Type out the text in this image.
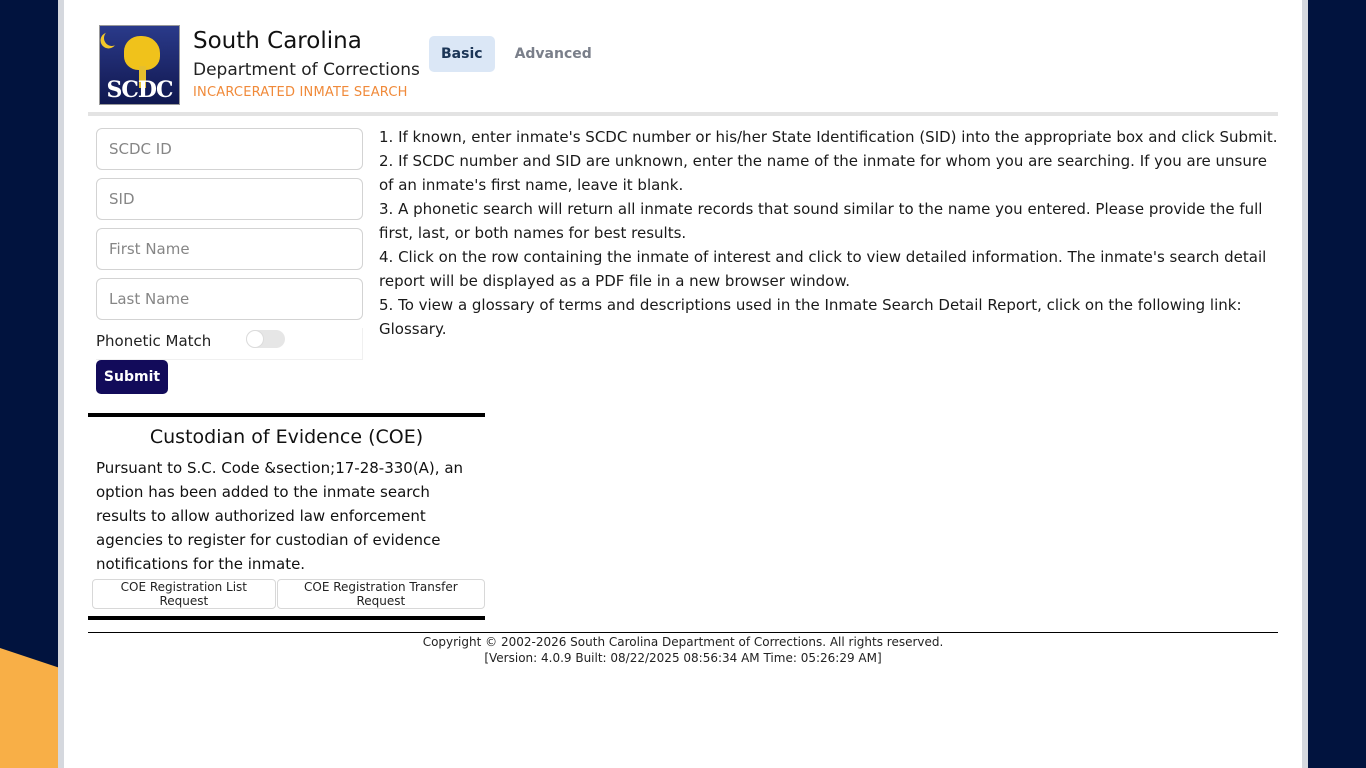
SCDC
South Carolina
Department of Corrections
INCARCERATED INMATE SEARCH
Basic	Advanced
SCDC ID
SID
First Name
Last Name
Phonetic Match
Submit
1. If known, enter inmate's SCDC number or his/her State Identification (SID) into the appropriate box and click Submit.
2. If SCDC number and SID are unknown, enter the name of the inmate for whom you are searching. If you are unsure of an inmate's first name, leave it blank.
3. A phonetic search will return all inmate records that sound similar to the name you entered. Please provide the full first, last, or both names for best results.
4. Click on the row containing the inmate of interest and click to view detailed information. The inmate's search detail report will be displayed as a PDF file in a new browser window.
5. To view a glossary of terms and descriptions used in the Inmate Search Detail Report, click on the following link: Glossary.
Custodian of Evidence (COE)
Pursuant to S.C. Code &section;17-28-330(A), an option has been added to the inmate search results to allow authorized law enforcement agencies to register for custodian of evidence notifications for the inmate.
COE Registration List Request
COE Registration Transfer Request
Copyright © 2002-2026 South Carolina Department of Corrections. All rights reserved.
[Version: 4.0.9 Built: 08/22/2025 08:56:34 AM Time: 05:26:29 AM]
